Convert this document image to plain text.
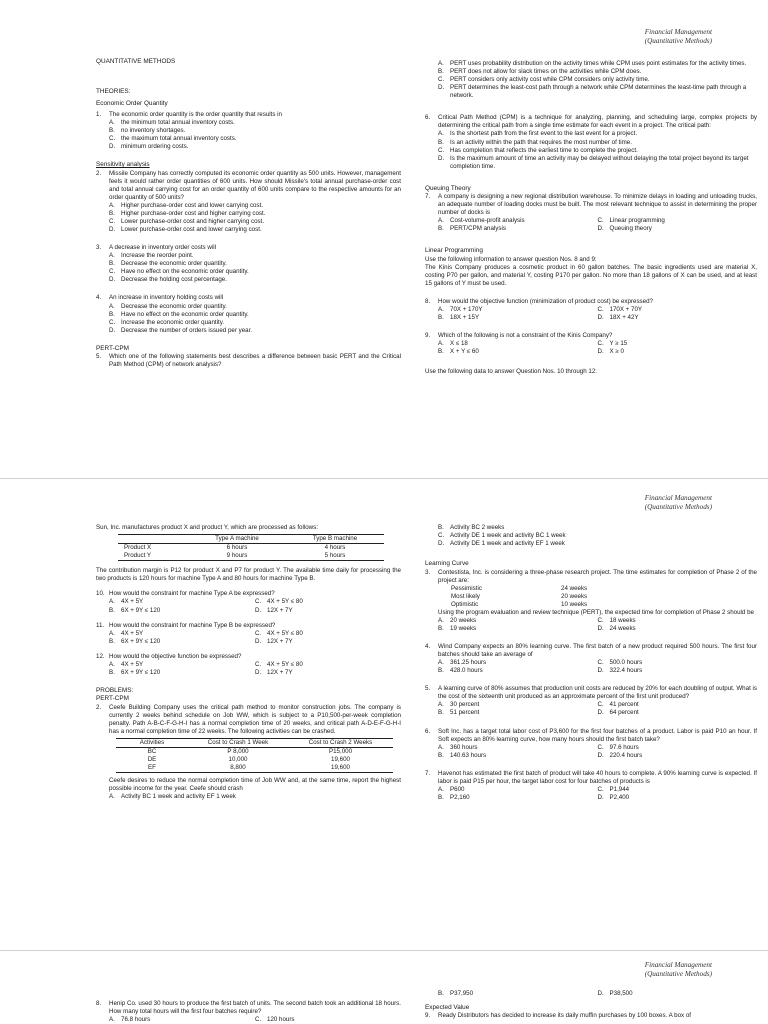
Financial Management
(Quantitative Methods)
QUANTITATIVE METHODS
THEORIES:
Economic Order Quantity
1.	The economic order quantity is the order quantity that results in
A. the minimum total annual inventory costs.
B. no inventory shortages.
C. the maximum total annual inventory costs.
D. minimum ordering costs.
Sensitivity analysis
2.	Missile Company has correctly computed its economic order quantity as 500 units. However, management feels it would rather order quantities of 600 units. How should Missile's total annual purchase-order cost and total annual carrying cost for an order quantity of 600 units compare to the respective amounts for an order quantity of 500 units?
A. Higher purchase-order cost and lower carrying cost.
B. Higher purchase-order cost and higher carrying cost.
C. Lower purchase-order cost and higher carrying cost.
D. Lower purchase-order cost and lower carrying cost.
3.	A decrease in inventory order costs will
A. Increase the reorder point.
B. Decrease the economic order quantity.
C. Have no effect on the economic order quantity.
D. Decrease the holding cost percentage.
4.	An increase in inventory holding costs will
A. Decrease the economic order quantity.
B. Have no effect on the economic order quantity.
C. Increase the economic order quantity.
D. Decrease the number of orders issued per year.
PERT-CPM
5.	Which one of the following statements best describes a difference between basic PERT and the Critical Path Method (CPM) of network analysis?
A. PERT uses probability distribution on the activity times while CPM uses point estimates for the activity times.
B. PERT does not allow for slack times on the activities while CPM does.
C. PERT considers only activity cost while CPM considers only activity time.
D. PERT determines the least-cost path through a network while CPM determines the least-time path through a network.
6.	Critical Path Method (CPM) is a technique for analyzing, planning, and scheduling large, complex projects by determining the critical path from a single time estimate for each event in a project. The critical path:
A. Is the shortest path from the first event to the last event for a project.
B. Is an activity within the path that requires the most number of time.
C. Has completion that reflects the earliest time to complete the project.
D. Is the maximum amount of time an activity may be delayed without delaying the total project beyond its target completion time.
Queuing Theory
7.	A company is designing a new regional distribution warehouse. To minimize delays in loading and unloading trucks, an adequate number of loading docks must be built. The most relevant technique to assist in determining the proper number of docks is
A. Cost-volume-profit analysis	C. Linear programming
B. PERT/CPM analysis	D. Queuing theory
Linear Programming
Use the following information to answer question Nos. 8 and 9:
The Kinis Company produces a cosmetic product in 60 gallon batches. The basic ingredients used are material X, costing P70 per gallon, and material Y, costing P170 per gallon. No more than 18 gallons of X can be used, and at least 15 gallons of Y must be used.
8.	How would the objective function (minimization of product cost) be expressed?
A. 70X + 170Y	C. 170X + 70Y
B. 18X + 15Y	D. 18X + 42Y
9.	Which of the following is not a constraint of the Kinis Company?
A. X ≤ 18	C. Y ≥ 15
B. X + Y ≤ 60	D. X ≥ 0
Use the following data to answer Question Nos. 10 through 12:
Financial Management
(Quantitative Methods)
Sun, Inc. manufactures product X and product Y, which are processed as follows:
	Type A machine	Type B machine
Product X	6 hours	4 hours
Product Y	9 hours	5 hours
The contribution margin is P12 for product X and P7 for product Y. The available time daily for processing the two products is 120 hours for machine Type A and 80 hours for machine Type B.
10. How would the constraint for machine Type A be expressed?
A. 4X + 5Y	C. 4X + 5Y ≤ 80
B. 6X + 9Y ≤ 120	D. 12X + 7Y
11. How would the constraint for machine Type B be expressed?
A. 4X + 5Y	C. 4X + 5Y ≤ 80
B. 6X + 9Y ≤ 120	D. 12X + 7Y
12. How would the objective function be expressed?
A. 4X + 5Y	C. 4X + 5Y ≤ 80
B. 6X + 9Y ≤ 120	D. 12X + 7Y
PROBLEMS:
PERT-CPM
2.	Ceefe Building Company uses the critical path method to monitor construction jobs. The company is currently 2 weeks behind schedule on Job WW, which is subject to a P10,500-per-week completion penalty. Path A-B-C-F-G-H-I has a normal completion time of 20 weeks, and critical path A-D-E-F-G-H-I has a normal completion time of 22 weeks. The following activities can be crashed.
Activities	Cost to Crash 1 Week	Cost to Crash 2 Weeks
BC	P 8,000	P15,000
DE	10,000	19,600
EF	8,800	19,600
Ceefe desires to reduce the normal completion time of Job WW and, at the same time, report the highest possible income for the year. Ceefe should crash
A. Activity BC 1 week and activity EF 1 week
B. Activity BC 2 weeks
C. Activity DE 1 week and activity BC 1 week
D. Activity DE 1 week and activity EF 1 week
Learning Curve
3.	Contestista, Inc. is considering a three-phase research project. The time estimates for completion of Phase 2 of the project are:
Pessimistic	24 weeks
Most likely	20 weeks
Optimistic	10 weeks
Using the program evaluation and review technique (PERT), the expected time for completion of Phase 2 should be
A. 20 weeks	C. 18 weeks
B. 19 weeks	D. 24 weeks
4.	Wind Company expects an 80% learning curve. The first batch of a new product required 500 hours. The first four batches should take an average of
A. 361.25 hours	C. 500.0 hours
B. 428.0 hours	D. 322.4 hours
5.	A learning curve of 80% assumes that production unit costs are reduced by 20% for each doubling of output. What is the cost of the sixteenth unit produced as an approximate percent of the first unit produced?
A. 30 percent	C. 41 percent
B. 51 percent	D. 64 percent
6.	Soft Inc. has a target total labor cost of P3,600 for the first four batches of a product. Labor is paid P10 an hour. If Soft expects an 80% learning curve, how many hours should the first batch take?
A. 360 hours	C. 97.6 hours
B. 140.63 hours	D. 220.4 hours
7.	Havenot has estimated the first batch of product will take 40 hours to complete. A 90% learning curve is expected. If labor is paid P15 per hour, the target labor cost for four batches of products is
A. P600	C. P1,944
B. P2,160	D. P2,400
Financial Management
(Quantitative Methods)
8.	Henip Co. used 30 hours to produce the first batch of units. The second batch took an additional 18 hours. How many total hours will the first four batches require?
A. 76.8 hours	C. 120 hours
B. P37,950	D. P38,500
Expected Value
9.	Ready Distributors has decided to increase its daily muffin purchases by 100 boxes. A box of
